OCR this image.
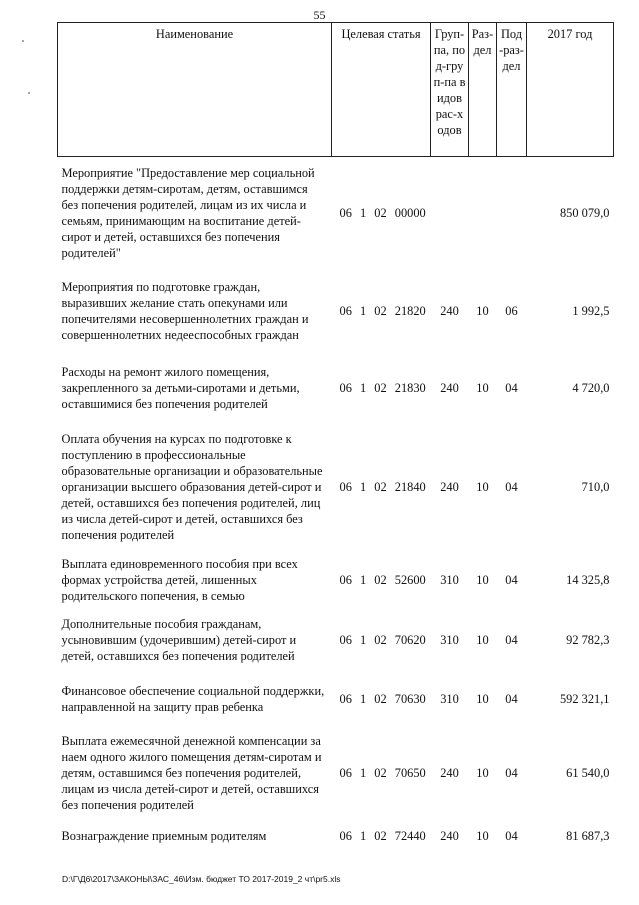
55
Наименование	Целевая статья	Груп-па, под-груп-па видов рас-ходов	Раз-дел	Под-раз-дел	2017 год
Мероприятие "Предоставление мер социальной поддержки детям-сиротам, детям, оставшимся без попечения родителей, лицам из их числа и семьям, принимающим на воспитание детей-сирот и детей, оставшихся без попечения родителей"	06 1 02 00000				850 079,0
Мероприятия по подготовке граждан, выразивших желание стать опекунами или попечителями несовершеннолетних граждан и совершеннолетних недееспособных граждан	06 1 02 21820	240	10	06	1 992,5
Расходы на ремонт жилого помещения, закрепленного за детьми-сиротами и детьми, оставшимися без попечения родителей	06 1 02 21830	240	10	04	4 720,0
Оплата обучения на курсах по подготовке к поступлению в профессиональные образовательные организации и образовательные организации высшего образования детей-сирот и детей, оставшихся без попечения родителей, лиц из числа детей-сирот и детей, оставшихся без попечения родителей	06 1 02 21840	240	10	04	710,0
Выплата единовременного пособия при всех формах устройства детей, лишенных родительского попечения, в семью	06 1 02 52600	310	10	04	14 325,8
Дополнительные пособия гражданам, усыновившим (удочерившим) детей-сирот и детей, оставшихся без попечения родителей	06 1 02 70620	310	10	04	92 782,3
Финансовое обеспечение социальной поддержки, направленной на защиту прав ребенка	06 1 02 70630	310	10	04	592 321,1
Выплата ежемесячной денежной компенсации за наем одного жилого помещения детям-сиротам и детям, оставшимся без попечения родителей, лицам из числа детей-сирот и детей, оставшихся без попечения родителей	06 1 02 70650	240	10	04	61 540,0
Вознаграждение приемным родителям	06 1 02 72440	240	10	04	81 687,3
D:\Г\Д6\2017\ЗАКОНЫ\ЗАС_46\Изм. бюджет ТО 2017-2019_2 чт\pr5.xls
